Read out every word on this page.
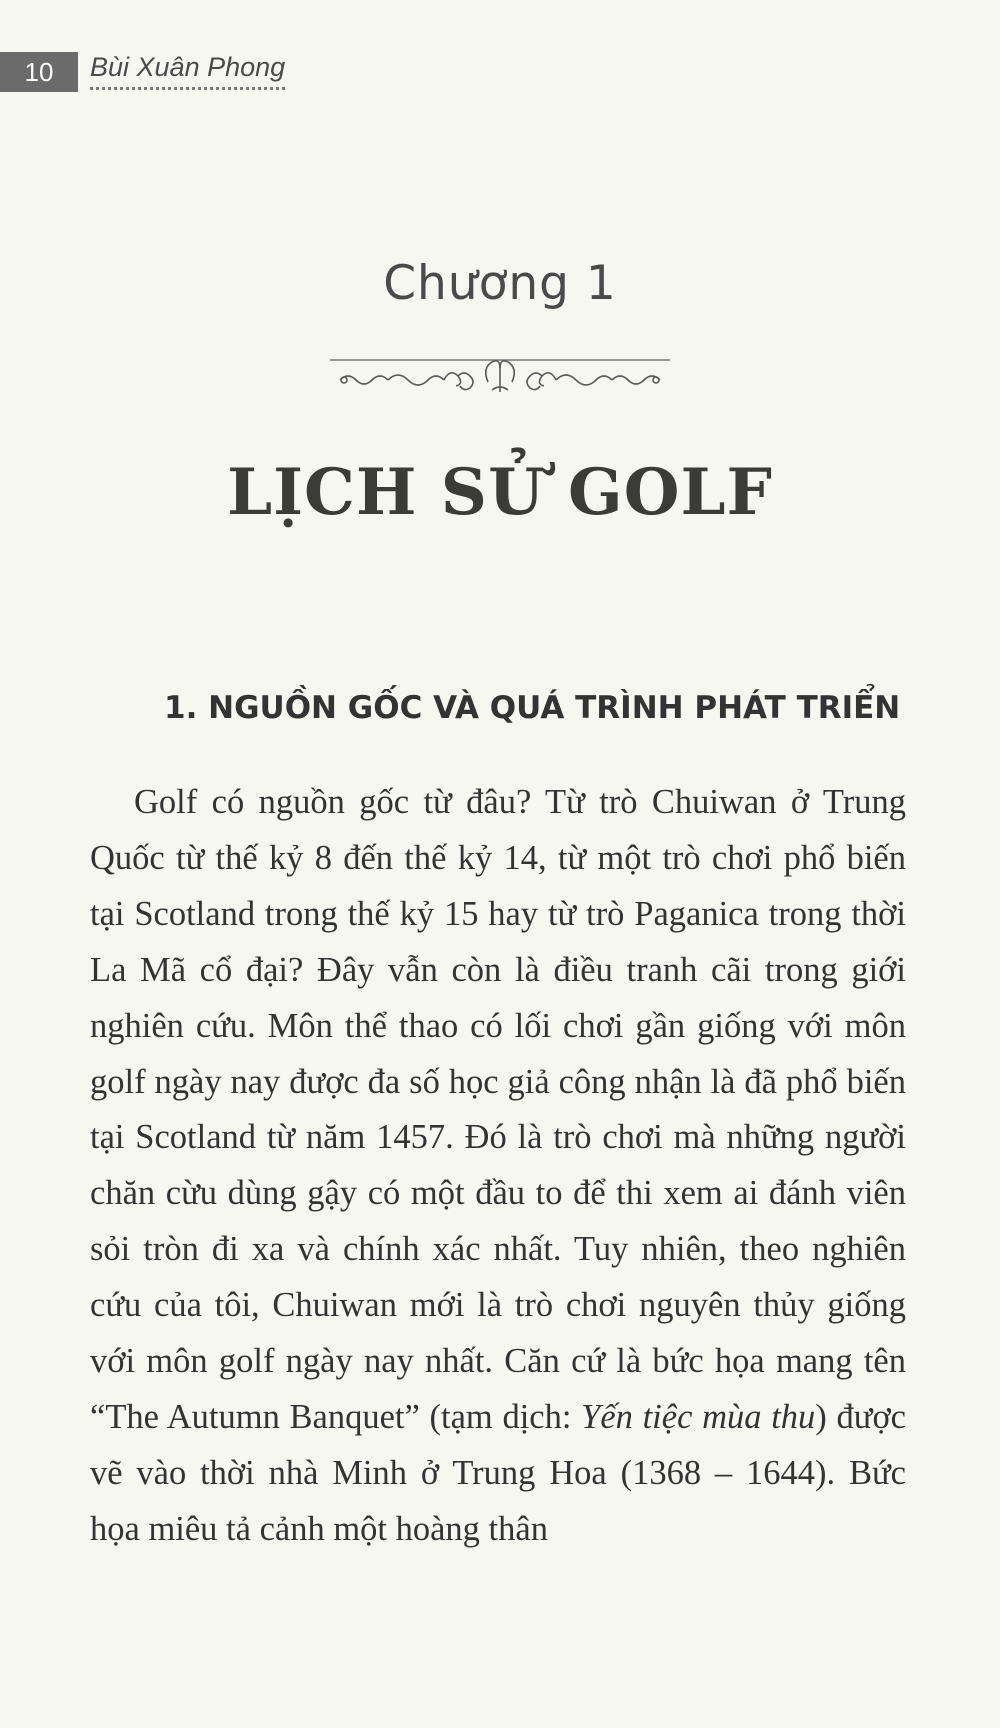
10	Bùi Xuân Phong
Chương 1
LỊCH SỬ GOLF
1. NGUỒN GỐC VÀ QUÁ TRÌNH PHÁT TRIỂN

Golf có nguồn gốc từ đâu? Từ trò Chuiwan ở Trung Quốc từ thế kỷ 8 đến thế kỷ 14, từ một trò chơi phổ biến tại Scotland trong thế kỷ 15 hay từ trò Paganica trong thời La Mã cổ đại? Đây vẫn còn là điều tranh cãi trong giới nghiên cứu. Môn thể thao có lối chơi gần giống với môn golf ngày nay được đa số học giả công nhận là đã phổ biến tại Scotland từ năm 1457. Đó là trò chơi mà những người chăn cừu dùng gậy có một đầu to để thi xem ai đánh viên sỏi tròn đi xa và chính xác nhất. Tuy nhiên, theo nghiên cứu của tôi, Chuiwan mới là trò chơi nguyên thủy giống với môn golf ngày nay nhất. Căn cứ là bức họa mang tên “The Autumn Banquet” (tạm dịch: Yến tiệc mùa thu) được vẽ vào thời nhà Minh ở Trung Hoa (1368 – 1644). Bức họa miêu tả cảnh một hoàng thân
